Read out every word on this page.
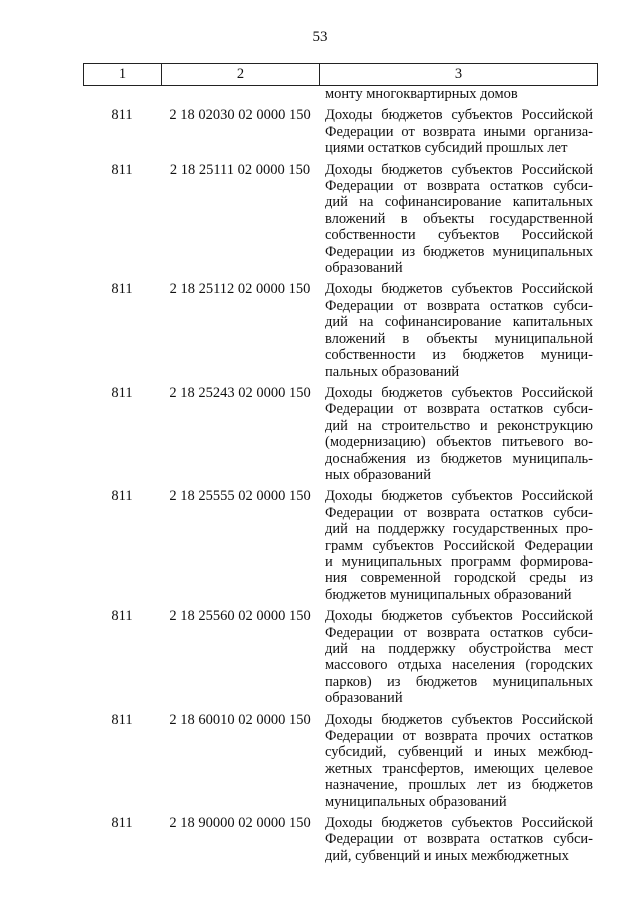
53
1	2	3
монту многоквартирных домов
811	2 18 02030 02 0000 150 Доходы бюджетов субъектов Российской
Федерации от возврата иными организа-
циями остатков субсидий прошлых лет
811	2 18 25111 02 0000 150	Доходы бюджетов субъектов Российской
Федерации от возврата остатков субси-
дий на софинансирование капитальных
вложений в объекты государственной
собственности субъектов Российской
Федерации из бюджетов муниципальных
образований
811	2 18 25112 02 0000 150	Доходы бюджетов субъектов Российской
Федерации от возврата остатков субси-
дий на софинансирование капитальных
вложений в объекты муниципальной
собственности из бюджетов муници-
пальных образований
811	2 18 25243 02 0000 150 Доходы бюджетов субъектов Российской
Федерации от возврата остатков субси-
дий на строительство и реконструкцию
(модернизацию) объектов питьевого во-
доснабжения из бюджетов муниципаль-
ных образований
811	2 18 25555 02 0000 150 Доходы бюджетов субъектов Российской
Федерации от возврата остатков субси-
дий на поддержку государственных про-
грамм субъектов Российской Федерации
и муниципальных программ формирова-
ния современной городской среды из
бюджетов муниципальных образований
811	2 18 25560 02 0000 150 Доходы бюджетов субъектов Российской
Федерации от возврата остатков субси-
дий на поддержку обустройства мест
массового отдыха населения (городских
парков) из бюджетов муниципальных
образований
811	2 18 60010 02 0000 150 Доходы бюджетов субъектов Российской
Федерации от возврата прочих остатков
субсидий, субвенций и иных межбюд-
жетных трансфертов, имеющих целевое
назначение, прошлых лет из бюджетов
муниципальных образований
811	2 18 90000 02 0000 150 Доходы бюджетов субъектов Российской
Федерации от возврата остатков субси-
дий, субвенций и иных межбюджетных
